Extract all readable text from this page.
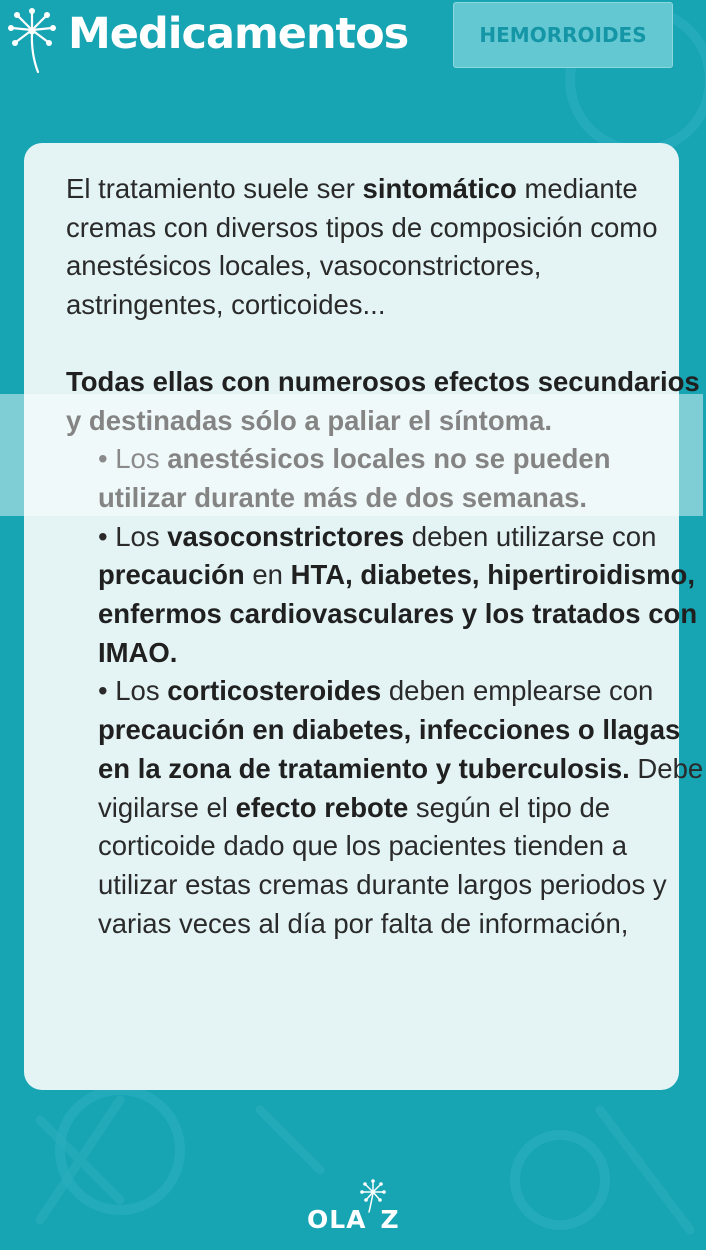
Medicamentos	HEMORROIDES

El tratamiento suele ser sintomático mediante cremas con diversos tipos de composición como anestésicos locales, vasoconstrictores, astringentes, corticoides...

Todas ellas con numerosos efectos secundarios y destinadas sólo a paliar el síntoma.

• Los anestésicos locales no se pueden utilizar durante más de dos semanas.

• Los vasoconstrictores deben utilizarse con precaución en HTA, diabetes, hipertiroidismo, enfermos cardiovasculares y los tratados con IMAO.

• Los corticosteroides deben emplearse con precaución en diabetes, infecciones o llagas en la zona de tratamiento y tuberculosis. Debe vigilarse el efecto rebote según el tipo de corticoide dado que los pacientes tienden a utilizar estas cremas durante largos periodos y varias veces al día por falta de información,

OLA Z
